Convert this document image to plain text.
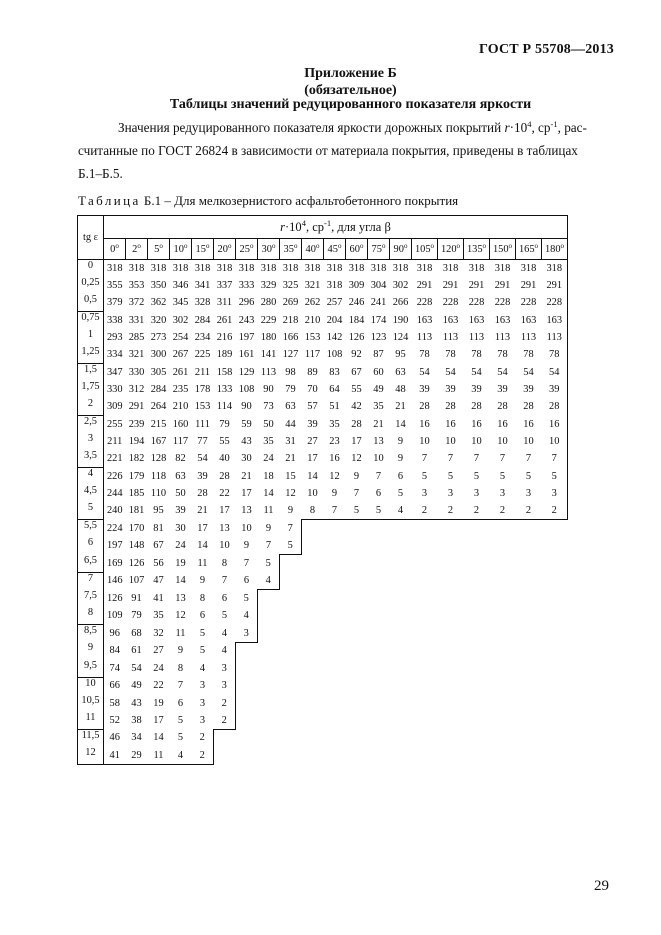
ГОСТ Р 55708—2013
Приложение Б
(обязательное)
Таблицы значений редуцированного показателя яркости
Значения редуцированного показателя яркости дорожных покрытий $r\cdot 10^4$, $ср^{-1}$, рас-
считанные по ГОСТ 26824 в зависимости от материала покрытия, приведены в таблицах
Б.1–Б.5.
Таблица Б.1 – Для мелкозернистого асфальтобетонного покрытия
tg ε	$r\cdot 10^4$, $ср^{-1}$, для угла β																			
	0$^o$	2$^o$	5$^o$	10$^o$	15$^o$	20$^o$	25$^o$	30$^o$	35$^o$	40$^o$	45$^o$	60$^o$	75$^o$	90$^o$	105$^o$	120$^o$	135$^o$	150$^o$	165$^o$	180$^o$
0	318	318	318	318	318	318	318	318	318	318	318	318	318	318	318	318	318	318	318	318
0,25	355	353	350	346	341	337	333	329	325	321	318	309	304	302	291	291	291	291	291	291
0,5	379	372	362	345	328	311	296	280	269	262	257	246	241	266	228	228	228	228	228	228
0,75	338	331	320	302	284	261	243	229	218	210	204	184	174	190	163	163	163	163	163	163
1	293	285	273	254	234	216	197	180	166	153	142	126	123	124	113	113	113	113	113	113
1,25	334	321	300	267	225	189	161	141	127	117	108	92	87	95	78	78	78	78	78	78
1,5	347	330	305	261	211	158	129	113	98	89	83	67	60	63	54	54	54	54	54	54
1,75	330	312	284	235	178	133	108	90	79	70	64	55	49	48	39	39	39	39	39	39
2	309	291	264	210	153	114	90	73	63	57	51	42	35	21	28	28	28	28	28	28
2,5	255	239	215	160	111	79	59	50	44	39	35	28	21	14	16	16	16	16	16	16
3	211	194	167	117	77	55	43	35	31	27	23	17	13	9	10	10	10	10	10	10
3,5	221	182	128	82	54	40	30	24	21	17	16	12	10	9	7	7	7	7	7	7
4	226	179	118	63	39	28	21	18	15	14	12	9	7	6	5	5	5	5	5	5
4,5	244	185	110	50	28	22	17	14	12	10	9	7	6	5	3	3	3	3	3	3
5	240	181	95	39	21	17	13	11	9	8	7	5	5	4	2	2	2	2	2	2
5,5	224	170	81	30	17	13	10	9	7											
6	197	148	67	24	14	10	9	7	5											
6,5	169	126	56	19	11	8	7	5												
7	146	107	47	14	9	7	6	4												
7,5	126	91	41	13	8	6	5													
8	109	79	35	12	6	5	4													
8,5	96	68	32	11	5	4	3													
9	84	61	27	9	5	4														
9,5	74	54	24	8	4	3														
10	66	49	22	7	3	3														
10,5	58	43	19	6	3	2														
11	52	38	17	5	3	2														
11,5	46	34	14	5	2															
12	41	29	11	4	2															
29
